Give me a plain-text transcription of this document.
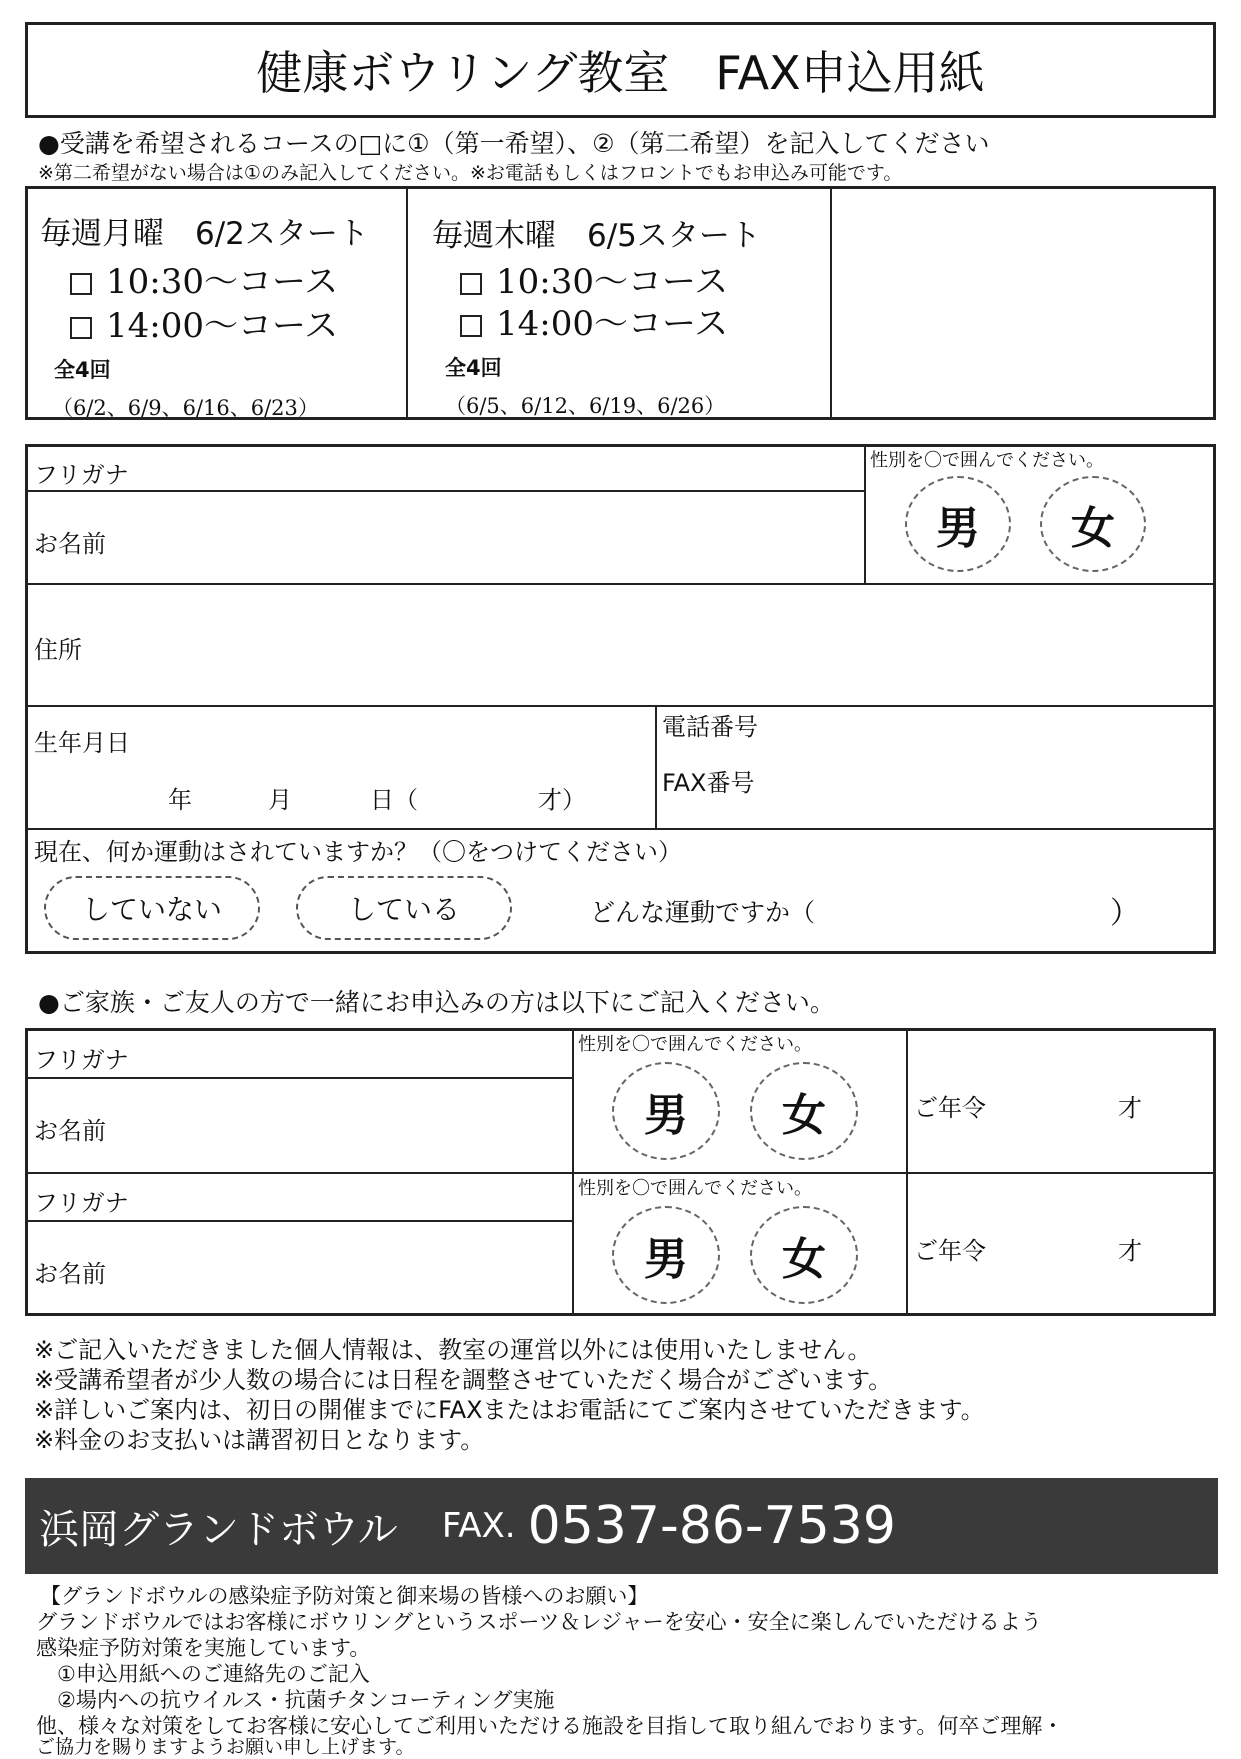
健康ボウリング教室　FAX申込用紙
●受講を希望されるコースの□に①（第一希望）、②（第二希望）を記入してください
※第二希望がない場合は①のみ記入してください。※お電話もしくはフロントでもお申込み可能です。
毎週月曜　6/2スタート
10:30～コース
14:00～コース
全4回
（6/2、6/9、6/16、6/23）
毎週木曜　6/5スタート
10:30～コース
14:00～コース
全4回
（6/5、6/12、6/19、6/26）
フリガナ
お名前
性別を〇で囲んでください。
男	女
住所
生年月日
年	月	日（	才）
電話番号
FAX番号
現在、何か運動はされていますか？（〇をつけてください）
していない	している	どんな運動ですか（	）
●ご家族・ご友人の方で一緒にお申込みの方は以下にご記入ください。
フリガナ
お名前
性別を〇で囲んでください。
男	女	ご年令	才
フリガナ
お名前
性別を〇で囲んでください。
男	女	ご年令	才
※ご記入いただきました個人情報は、教室の運営以外には使用いたしません。
※受講希望者が少人数の場合には日程を調整させていただく場合がございます。
※詳しいご案内は、初日の開催までにFAXまたはお電話にてご案内させていただきます。
※料金のお支払いは講習初日となります。
浜岡グランドボウル FAX. 0537-86-7539
【グランドボウルの感染症予防対策と御来場の皆様へのお願い】
グランドボウルではお客様にボウリングというスポーツ＆レジャーを安心・安全に楽しんでいただけるよう
感染症予防対策を実施しています。
　①申込用紙へのご連絡先のご記入
　②場内への抗ウイルス・抗菌チタンコーティング実施
他、様々な対策をしてお客様に安心してご利用いただける施設を目指して取り組んでおります。何卒ご理解・
ご協力を賜りますようお願い申し上げます。
